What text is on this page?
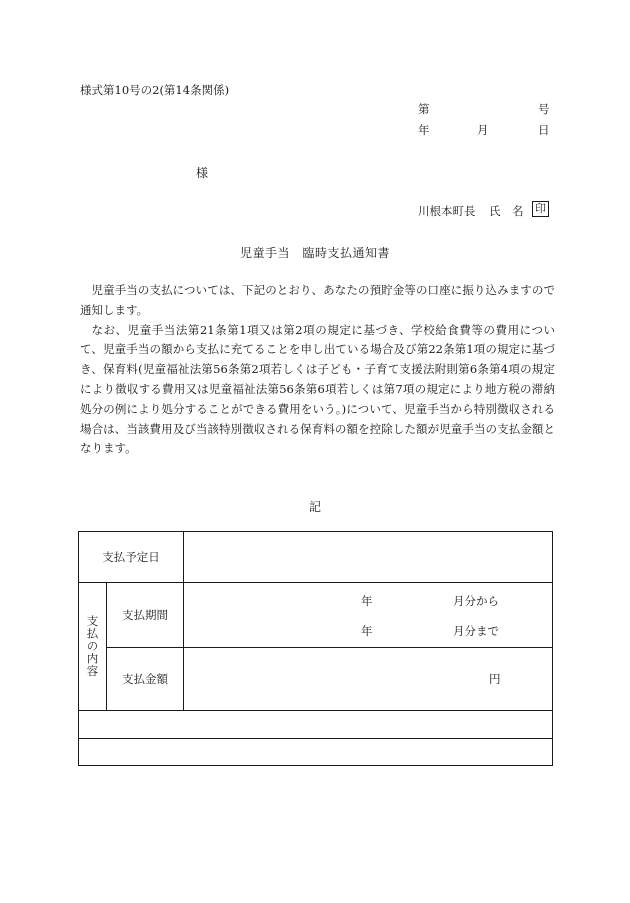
様式第10号の2(第14条関係)
第	号
年	月	日
様
川根本町長 氏 名 印
児童手当　臨時支払通知書

児童手当の支払については、下記のとおり、あなたの預貯金等の口座に振り込みますので通知します。

なお、児童手当法第21条第1項又は第2項の規定に基づき、学校給食費等の費用について、児童手当の額から支払に充てることを申し出ている場合及び第22条第1項の規定に基づき、保育料(児童福祉法第56条第2項若しくは子ども・子育て支援法附則第6条第4項の規定により徴収する費用又は児童福祉法第56条第6項若しくは第7項の規定により地方税の滞納処分の例により処分することができる費用をいう。)について、児童手当から特別徴収される場合は、当該費用及び当該特別徴収される保育料の額を控除した額が児童手当の支払金額となります。

記
支払予定日		

支払の内容	支払期間	年 月分から
年 月分まで

	支払金額	円
